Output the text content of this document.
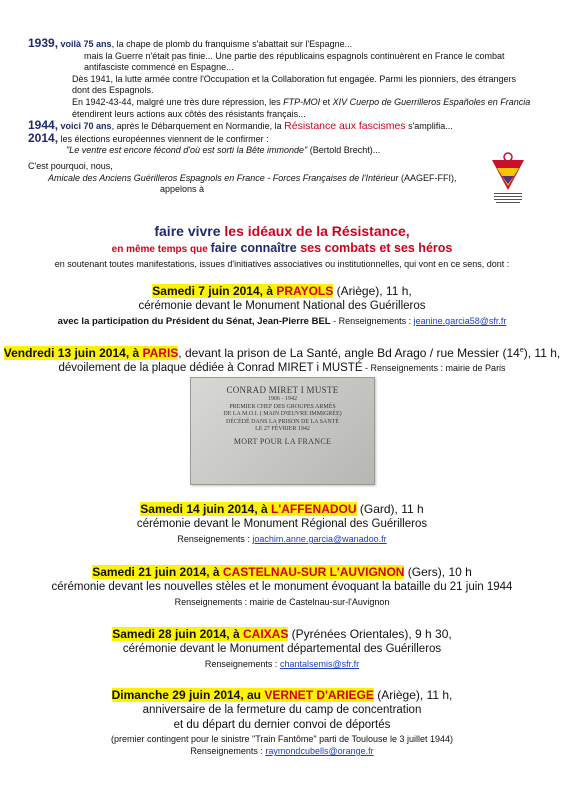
1939, voilà 75 ans, la chape de plomb du franquisme s'abattait sur l'Espagne...

mais la Guerre n'était pas finie... Une partie des républicains espagnols continuèrent en France le combat antifasciste commencé en Espagne...

Dès 1941, la lutte armée contre l'Occupation et la Collaboration fut engagée. Parmi les pionniers, des étrangers dont des Espagnols.

En 1942-43-44, malgré une très dure répression, les FTP-MOI et XIV Cuerpo de Guerrilleros Españoles en Francia étendirent leurs actions aux côtés des résistants français...

1944, voici 70 ans, après le Débarquement en Normandie, la Résistance aux fascismes s'amplifia...

2014, les élections européennes viennent de le confirmer :

"Le ventre est encore fécond d'où est sorti la Bête immonde" (Bertold Brecht)...

C'est pourquoi, nous,

Amicale des Anciens Guérilleros Espagnols en France - Forces Françaises de l'Intérieur (AAGEF-FFI),

appelons à

faire vivre les idéaux de la Résistance,
en même temps que faire connaître ses combats et ses héros
en soutenant toutes manifestations, issues d'initiatives associatives ou institutionnelles, qui vont en ce sens, dont :

Samedi 7 juin 2014, à PRAYOLS (Ariège), 11 h,

cérémonie devant le Monument National des Guérilleros

avec la participation du Président du Sénat, Jean-Pierre BEL - Renseignements : jeanine.garcia58@sfr.fr

Vendredi 13 juin 2014, à PARIS, devant la prison de La Santé, angle Bd Arago / rue Messier (14e), 11 h,

dévoilement de la plaque dédiée à Conrad MIRET i MUSTÉ - Renseignements : mairie de Paris

CONRAD MIRET I MUSTE
1906 - 1942
PREMIER CHEF DES GROUPES ARMÉS
DE LA M.O.I. ( MAIN D'ŒUVRE IMMIGRÉE)
DÉCÉDÉ DANS LA PRISON DE LA SANTÉ
LE 27 FÉVRIER 1942
MORT POUR LA FRANCE

Samedi 14 juin 2014, à L'AFFENADOU (Gard), 11 h

cérémonie devant le Monument Régional des Guérilleros

Renseignements : joachim.anne.garcia@wanadoo.fr

Samedi 21 juin 2014, à CASTELNAU-SUR L'AUVIGNON (Gers), 10 h

cérémonie devant les nouvelles stèles et le monument évoquant la bataille du 21 juin 1944

Renseignements : mairie de Castelnau-sur-l'Auvignon

Samedi 28 juin 2014, à CAIXAS (Pyrénées Orientales), 9 h 30,

cérémonie devant le Monument départemental des Guérilleros

Renseignements : chantalsemis@sfr.fr

Dimanche 29 juin 2014, au VERNET D'ARIEGE (Ariège), 11 h,

anniversaire de la fermeture du camp de concentration

et du départ du dernier convoi de déportés

(premier contingent pour le sinistre "Train Fantôme" parti de Toulouse le 3 juillet 1944)

Renseignements : raymondcubells@orange.fr
